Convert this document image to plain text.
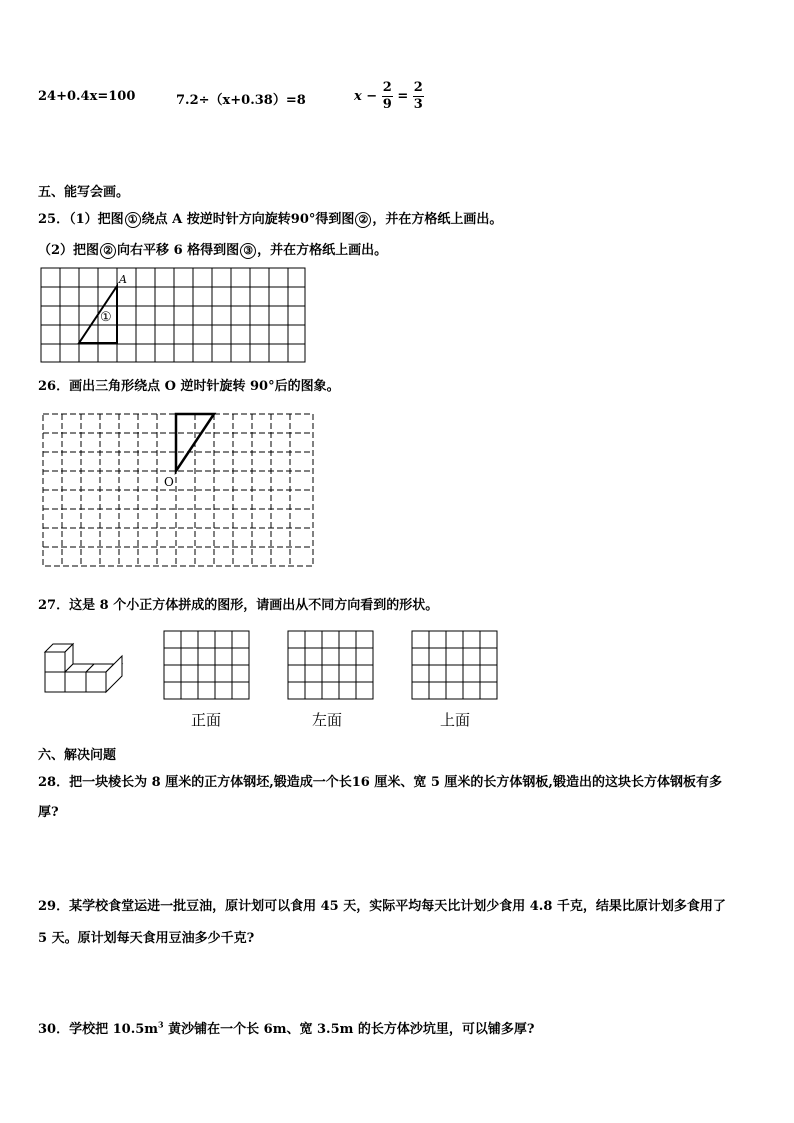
24+0.4x=100	7.2÷（x+0.38）=8	$x - \frac{2}{9} = \frac{2}{3}$
五、能写会画。
25．（1）把图 ① 绕点 A 按逆时针方向旋转90°得到图 ② ，并在方格纸上画出。
（2）把图 ② 向右平移 6 格得到图 ③ ，并在方格纸上画出。
A
①
26．画出三角形绕点 O 逆时针旋转 90°后的图象。
O
27．这是 8 个小正方体拼成的图形，请画出从不同方向看到的形状。
正面	左面	上面
六、解决问题
28．把一块棱长为 8 厘米的正方体钢坯,锻造成一个长16 厘米、宽 5 厘米的长方体钢板,锻造出的这块长方体钢板有多
厚?
29．某学校食堂运进一批豆油，原计划可以食用 45 天，实际平均每天比计划少食用 4.8 千克，结果比原计划多食用了
5 天。原计划每天食用豆油多少千克?
30．学校把 $10.5m^3$ 黄沙铺在一个长 6m、宽 3.5m 的长方体沙坑里，可以铺多厚?
